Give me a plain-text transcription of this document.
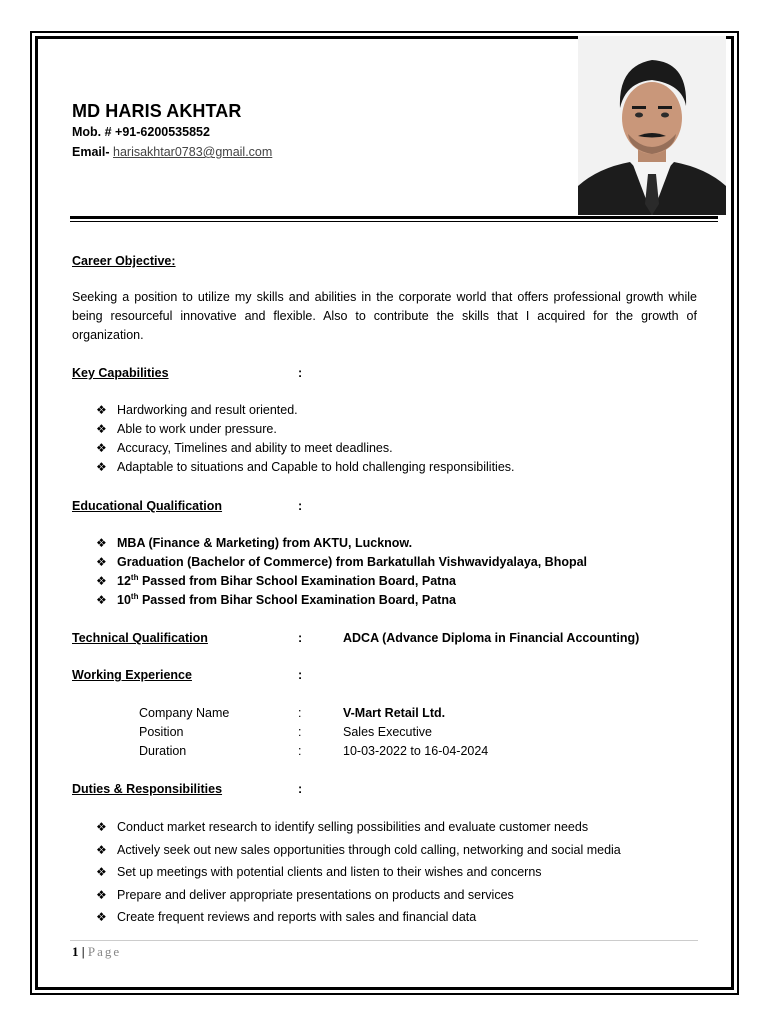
MD HARIS AKHTAR
Mob. # +91-6200535852
Email- harisakhtar0783@gmail.com
Career Objective:
Seeking a position to utilize my skills and abilities in the corporate world that offers professional growth while being resourceful innovative and flexible. Also to contribute the skills that I acquired for the growth of organization.
Key Capabilities	:
❖ Hardworking and result oriented.
❖ Able to work under pressure.
❖ Accuracy, Timelines and ability to meet deadlines.
❖ Adaptable to situations and Capable to hold challenging responsibilities.
Educational Qualification	:
❖ MBA (Finance & Marketing) from AKTU, Lucknow.
❖ Graduation (Bachelor of Commerce) from Barkatullah Vishwavidyalaya, Bhopal
❖ 12th Passed from Bihar School Examination Board, Patna
❖ 10th Passed from Bihar School Examination Board, Patna
Technical Qualification	:	ADCA (Advance Diploma in Financial Accounting)
Working Experience	:
Company Name	:	V-Mart Retail Ltd.
Position	:	Sales Executive
Duration	:	10-03-2022 to 16-04-2024
Duties & Responsibilities	:
❖ Conduct market research to identify selling possibilities and evaluate customer needs
❖ Actively seek out new sales opportunities through cold calling, networking and social media
❖ Set up meetings with potential clients and listen to their wishes and concerns
❖ Prepare and deliver appropriate presentations on products and services
❖ Create frequent reviews and reports with sales and financial data
1 | Page
